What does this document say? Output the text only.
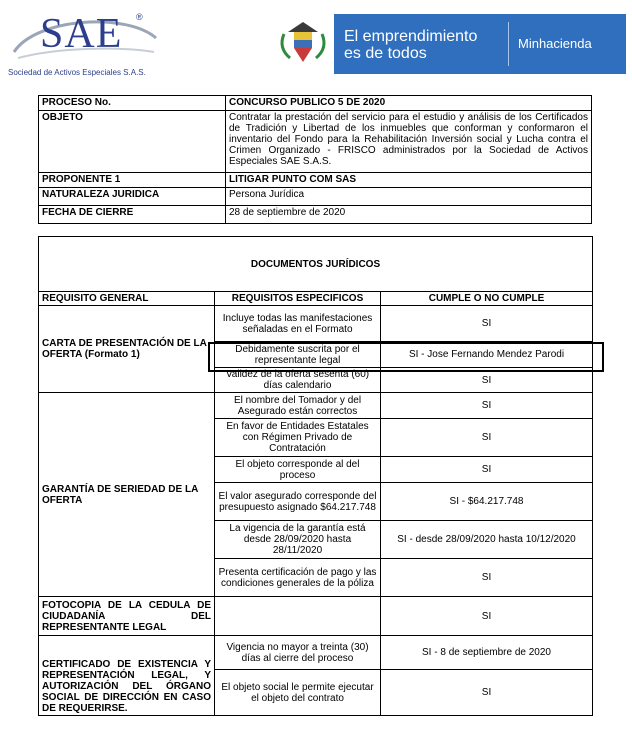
SAE ®
Sociedad de Activos Especiales S.A.S.
El emprendimiento
es de todos
Minhacienda
PROCESO No.	CONCURSO PUBLICO 5 DE 2020
OBJETO	Contratar la prestación del servicio para el estudio y análisis de los Certificados de Tradición y Libertad de los inmuebles que conforman y conformaron el inventario del Fondo para la Rehabilitación Inversión social y Lucha contra el Crimen Organizado - FRISCO administrados por la Sociedad de Activos Especiales SAE S.A.S.
PROPONENTE 1	LITIGAR PUNTO COM SAS
NATURALEZA JURIDICA	Persona Jurídica
FECHA DE CIERRE	28 de septiembre de 2020
DOCUMENTOS JURÍDICOS		
REQUISITO GENERAL	REQUISITOS ESPECIFICOS	CUMPLE O NO CUMPLE
CARTA DE PRESENTACIÓN DE LA OFERTA (Formato 1)	Incluye todas las manifestaciones señaladas en el Formato	SI
	Debidamente suscrita por el representante legal	SI - Jose Fernando Mendez Parodi
	Validez de la oferta sesenta (60) días calendario	SI
GARANTÍA DE SERIEDAD DE LA OFERTA	El nombre del Tomador y del Asegurado están correctos	SI
	En favor de Entidades Estatales con Régimen Privado de Contratación	SI
	El objeto corresponde al del proceso	SI
	El valor asegurado corresponde del presupuesto asignado $64.217.748	SI - $64.217.748
	La vigencia de la garantía está desde 28/09/2020 hasta 28/11/2020	SI - desde 28/09/2020 hasta 10/12/2020
	Presenta certificación de pago y las condiciones generales de la póliza	SI
FOTOCOPIA DE LA CEDULA DE CIUDADANÍA DEL REPRESENTANTE LEGAL		SI
CERTIFICADO DE EXISTENCIA Y REPRESENTACIÓN LEGAL, Y AUTORIZACIÓN DEL ÓRGANO SOCIAL DE DIRECCIÓN EN CASO DE REQUERIRSE.	Vigencia no mayor a treinta (30) días al cierre del proceso	SI - 8 de septiembre de 2020
	El objeto social le permite ejecutar el objeto del contrato	SI
